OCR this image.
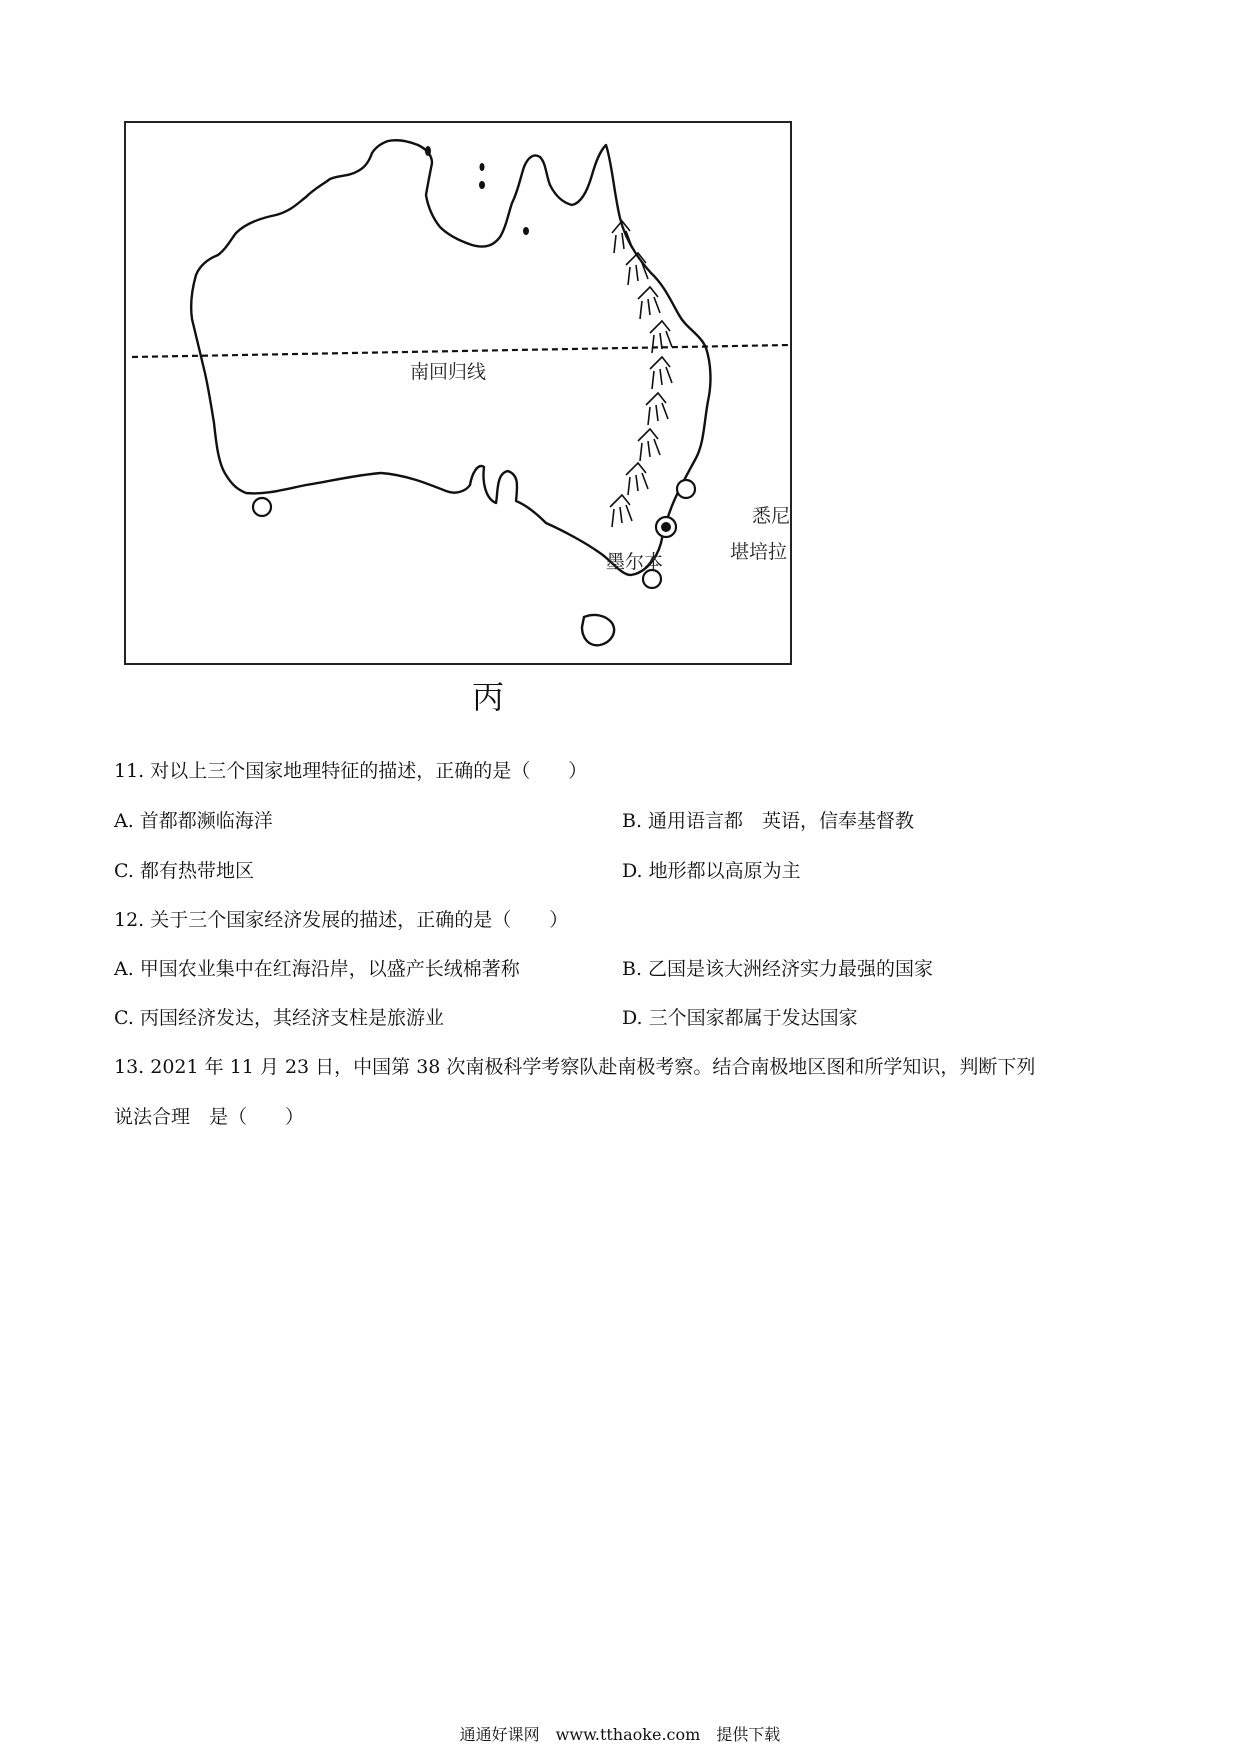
南回归线
悉尼
堪培拉
墨尔本
丙
11. 对以上三个国家地理特征的描述，正确的是（　　）
A. 首都都濒临海洋	B. 通用语言都　英语，信奉基督教
C. 都有热带地区	D. 地形都以高原为主
12. 关于三个国家经济发展的描述，正确的是（　　）
A. 甲国农业集中在红海沿岸，以盛产长绒棉著称	B. 乙国是该大洲经济实力最强的国家
C. 丙国经济发达，其经济支柱是旅游业	D. 三个国家都属于发达国家
13. 2021 年 11 月 23 日，中国第 38 次南极科学考察队赴南极考察。结合南极地区图和所学知识，判断下列
说法合理　是（　　）
通通好课网　www.tthaoke.com　提供下载
